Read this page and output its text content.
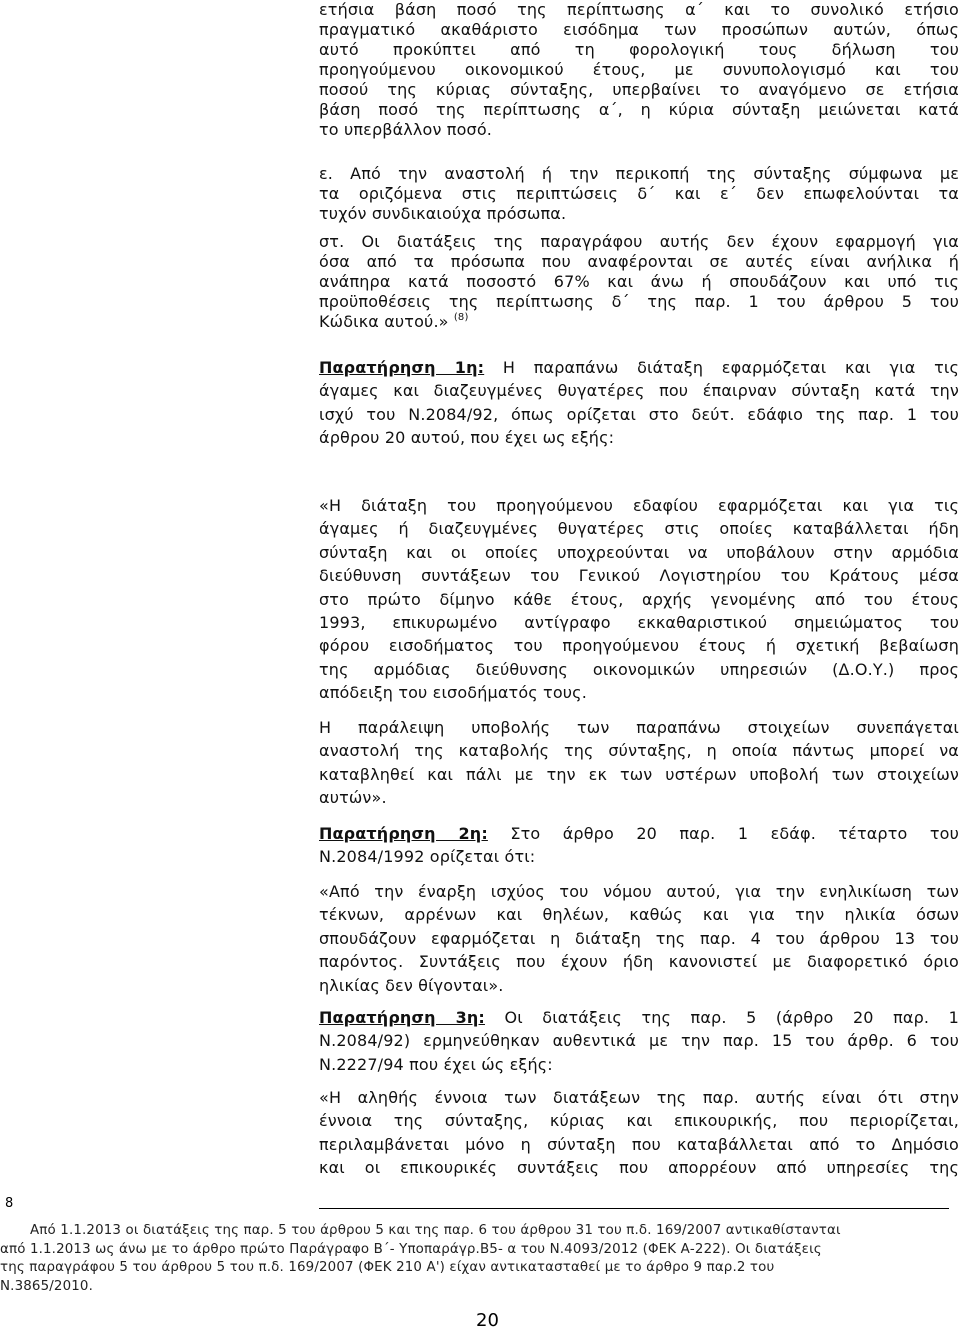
ετήσια βάση ποσό της περίπτωσης α΄ και το συνολικό ετήσιο
πραγματικό ακαθάριστο εισόδημα των προσώπων αυτών, όπως
αυτό προκύπτει από τη φορολογική τους δήλωση του
προηγούμενου οικονομικού έτους, με συνυπολογισμό και του
ποσού της κύριας σύνταξης, υπερβαίνει το αναγόμενο σε ετήσια
βάση ποσό της περίπτωσης α΄, η κύρια σύνταξη μειώνεται κατά
το υπερβάλλον ποσό.
ε. Από την αναστολή ή την περικοπή της σύνταξης σύμφωνα με
τα οριζόμενα στις περιπτώσεις δ΄ και ε΄ δεν επωφελούνται τα
τυχόν συνδικαιούχα πρόσωπα.
στ. Οι διατάξεις της παραγράφου αυτής δεν έχουν εφαρμογή για
όσα από τα πρόσωπα που αναφέρονται σε αυτές είναι ανήλικα ή
ανάπηρα κατά ποσοστό 67% και άνω ή σπουδάζουν και υπό τις
προϋποθέσεις της περίπτωσης δ΄ της παρ. 1 του άρθρου 5 του
Κώδικα αυτού.» $^{(8)}$
Παρατήρηση 1η: Η παραπάνω διάταξη εφαρμόζεται και για τις
άγαμες και διαζευγμένες θυγατέρες που έπαιρναν σύνταξη κατά την
ισχύ του Ν.2084/92, όπως ορίζεται στο δεύτ. εδάφιο της παρ. 1 του
άρθρου 20 αυτού, που έχει ως εξής:
«Η διάταξη του προηγούμενου εδαφίου εφαρμόζεται και για τις
άγαμες ή διαζευγμένες θυγατέρες στις οποίες καταβάλλεται ήδη
σύνταξη και οι οποίες υποχρεούνται να υποβάλουν στην αρμόδια
διεύθυνση συντάξεων του Γενικού Λογιστηρίου του Κράτους μέσα
στο πρώτο δίμηνο κάθε έτους, αρχής γενομένης από του έτους
1993, επικυρωμένο αντίγραφο εκκαθαριστικού σημειώματος του
φόρου εισοδήματος του προηγούμενου έτους ή σχετική βεβαίωση
της αρμόδιας διεύθυνσης οικονομικών υπηρεσιών (Δ.Ο.Υ.) προς
απόδειξη του εισοδήματός τους.
Η παράλειψη υποβολής των παραπάνω στοιχείων συνεπάγεται
αναστολή της καταβολής της σύνταξης, η οποία πάντως μπορεί να
καταβληθεί και πάλι με την εκ των υστέρων υποβολή των στοιχείων
αυτών».
Παρατήρηση 2η: Στο άρθρο 20 παρ. 1 εδάφ. τέταρτο του
Ν.2084/1992 ορίζεται ότι:
«Από την έναρξη ισχύος του νόμου αυτού, για την ενηλικίωση των
τέκνων, αρρένων και θηλέων, καθώς και για την ηλικία όσων
σπουδάζουν εφαρμόζεται η διάταξη της παρ. 4 του άρθρου 13 του
παρόντος. Συντάξεις που έχουν ήδη κανονιστεί με διαφορετικό όριο
ηλικίας δεν θίγονται».
Παρατήρηση 3η: Οι διατάξεις της παρ. 5 (άρθρο 20 παρ. 1
Ν.2084/92) ερμηνεύθηκαν αυθεντικά με την παρ. 15 του άρθρ. 6 του
Ν.2227/94 που έχει ώς εξής:
«Η αληθής έννοια των διατάξεων της παρ. αυτής είναι ότι στην
έννοια της σύνταξης, κύριας και επικουρικής, που περιορίζεται,
περιλαμβάνεται μόνο η σύνταξη που καταβάλλεται από το Δημόσιο
και οι επικουρικές συντάξεις που απορρέουν από υπηρεσίες της
8
Από 1.1.2013 οι διατάξεις της παρ. 5 του άρθρου 5 και της παρ. 6 του άρθρου 31 του π.δ. 169/2007 αντικαθίστανται
από 1.1.2013 ως άνω με το άρθρο πρώτο Παράγραφο Β΄- Υποπαράγρ.Β5- α του Ν.4093/2012 (ΦΕΚ Α-222). Οι διατάξεις
της παραγράφου 5 του άρθρου 5 του π.δ. 169/2007 (ΦΕΚ 210 Α') είχαν αντικατασταθεί με το άρθρο 9 παρ.2 του
Ν.3865/2010.
20
